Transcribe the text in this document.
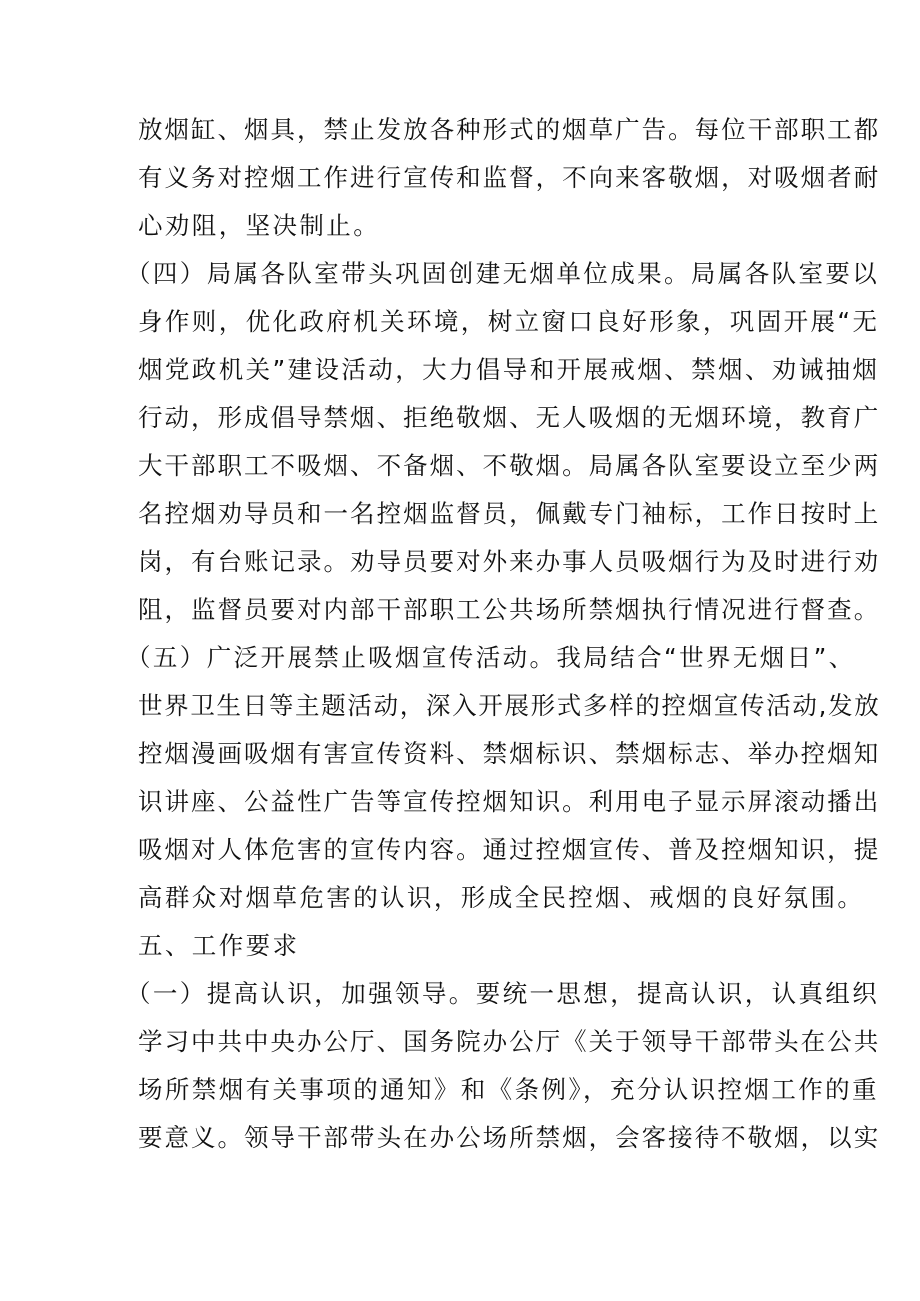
放烟缸、烟具，禁止发放各种形式的烟草广告。每位干部职工都
有义务对控烟工作进行宣传和监督，不向来客敬烟，对吸烟者耐
心劝阻，坚决制止。
（四）局属各队室带头巩固创建无烟单位成果。局属各队室要以
身作则，优化政府机关环境，树立窗口良好形象，巩固开展“无
烟党政机关”建设活动，大力倡导和开展戒烟、禁烟、劝诫抽烟
行动，形成倡导禁烟、拒绝敬烟、无人吸烟的无烟环境，教育广
大干部职工不吸烟、不备烟、不敬烟。局属各队室要设立至少两
名控烟劝导员和一名控烟监督员，佩戴专门袖标，工作日按时上
岗，有台账记录。劝导员要对外来办事人员吸烟行为及时进行劝
阻，监督员要对内部干部职工公共场所禁烟执行情况进行督查。
（五）广泛开展禁止吸烟宣传活动。我局结合“世界无烟日”、
世界卫生日等主题活动，深入开展形式多样的控烟宣传活动,发放
控烟漫画吸烟有害宣传资料、禁烟标识、禁烟标志、举办控烟知
识讲座、公益性广告等宣传控烟知识。利用电子显示屏滚动播出
吸烟对人体危害的宣传内容。通过控烟宣传、普及控烟知识，提
高群众对烟草危害的认识，形成全民控烟、戒烟的良好氛围。
五、工作要求
（一）提高认识，加强领导。要统一思想，提高认识，认真组织
学习中共中央办公厅、国务院办公厅《关于领导干部带头在公共
场所禁烟有关事项的通知》和《条例》，充分认识控烟工作的重
要意义。领导干部带头在办公场所禁烟，会客接待不敬烟，以实
